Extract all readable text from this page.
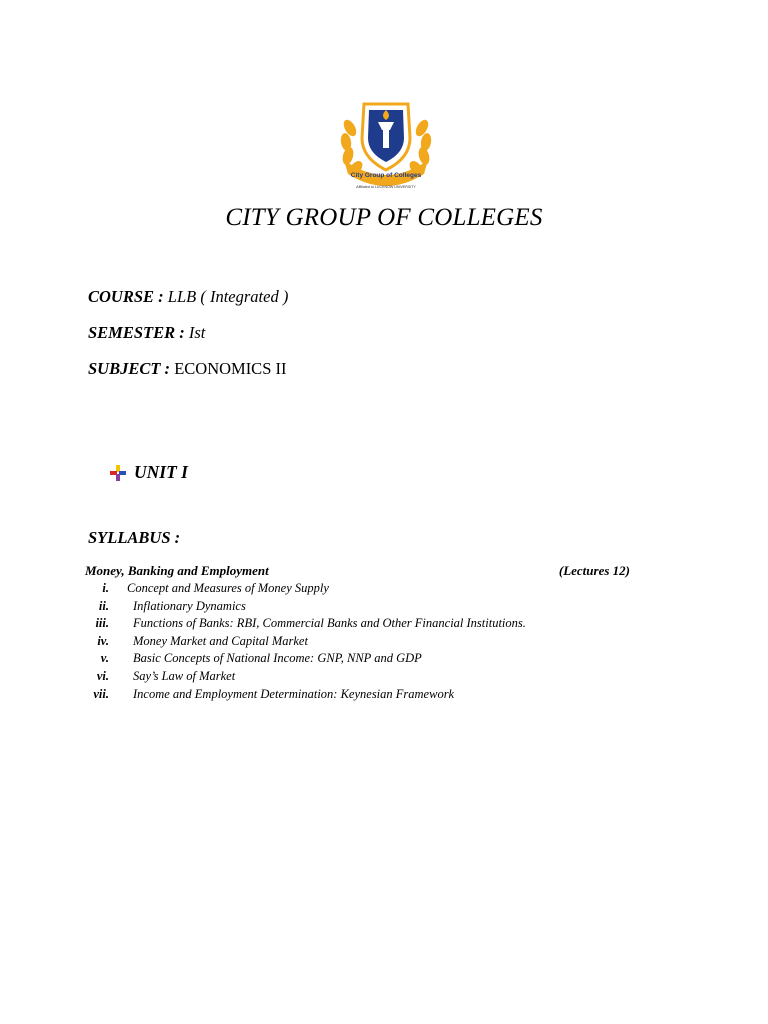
City Group of Colleges
Affiliated to LUCKNOW UNIVERSITY
CITY GROUP OF COLLEGES
COURSE : LLB ( Integrated )
SEMESTER : Ist
SUBJECT : ECONOMICS II
UNIT I
SYLLABUS :
Money, Banking and Employment	(Lectures 12)
i. Concept and Measures of Money Supply
ii. Inflationary Dynamics
iii. Functions of Banks: RBI, Commercial Banks and Other Financial Institutions.
iv. Money Market and Capital Market
v. Basic Concepts of National Income: GNP, NNP and GDP
vi. Say’s Law of Market
vii. Income and Employment Determination: Keynesian Framework
